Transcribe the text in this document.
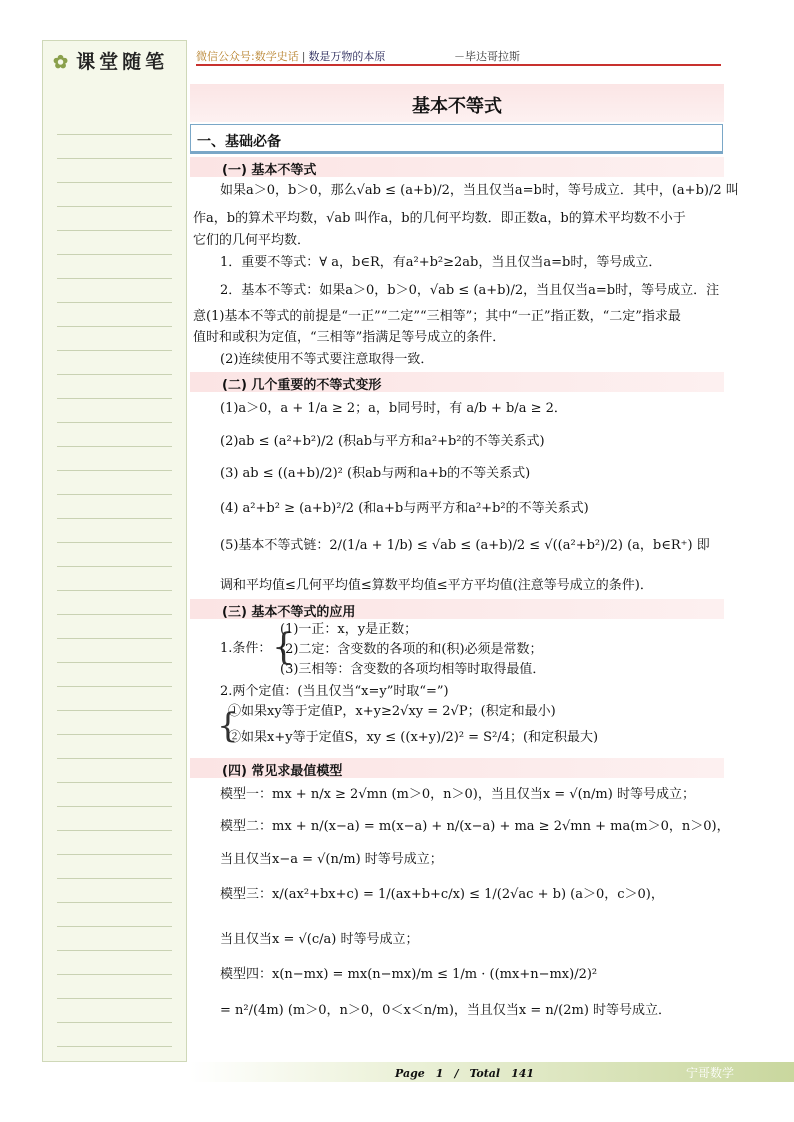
✿ 课堂随笔	微信公众号:数学史话 | 数是万物的本原	－毕达哥拉斯
基本不等式
一、基础必备
(一) 基本不等式
如果a＞0，b＞0，那么√ab ≤ (a+b)/2，当且仅当a=b时，等号成立．其中，(a+b)/2 叫
作a，b的算术平均数，√ab 叫作a，b的几何平均数．即正数a，b的算术平均数不小于
它们的几何平均数．
1．重要不等式：∀ a，b∈R，有a²+b²≥2ab，当且仅当a=b时，等号成立．
2．基本不等式：如果a＞0，b＞0，√ab ≤ (a+b)/2，当且仅当a=b时，等号成立．注
意(1)基本不等式的前提是“一正”“二定”“三相等”；其中“一正”指正数，“二定”指求最
值时和或积为定值，“三相等”指满足等号成立的条件．
(2)连续使用不等式要注意取得一致．
(二) 几个重要的不等式变形
(1)a＞0，a + 1/a ≥ 2；a，b同号时，有 a/b + b/a ≥ 2．
(2)ab ≤ (a²+b²)/2 (积ab与平方和a²+b²的不等关系式)
(3) ab ≤ ((a+b)/2)² (积ab与两和a+b的不等关系式)
(4) a²+b² ≥ (a+b)²/2 (和a+b与两平方和a²+b²的不等关系式)
(5)基本不等式链：2/(1/a + 1/b) ≤ √ab ≤ (a+b)/2 ≤ √((a²+b²)/2) (a，b∈R⁺) 即
调和平均值≤几何平均值≤算数平均值≤平方平均值(注意等号成立的条件)．
(三) 基本不等式的应用
1.条件： {
(1)一正：x，y是正数；
(2)二定：含变数的各项的和(积)必须是常数；
(3)三相等：含变数的各项均相等时取得最值．
2.两个定值：(当且仅当“x=y”时取“=”)
{
①如果xy等于定值P，x+y≥2√xy = 2√P；(积定和最小)
②如果x+y等于定值S，xy ≤ ((x+y)/2)² = S²/4；(和定积最大)
(四) 常见求最值模型
模型一：mx + n/x ≥ 2√mn (m＞0，n＞0)，当且仅当x = √(n/m) 时等号成立；
模型二：mx + n/(x−a) = m(x−a) + n/(x−a) + ma ≥ 2√mn + ma(m＞0，n＞0)，
当且仅当x−a = √(n/m) 时等号成立；
模型三：x/(ax²+bx+c) = 1/(ax+b+c/x) ≤ 1/(2√ac + b) (a＞0，c＞0)，
当且仅当x = √(c/a) 时等号成立；
模型四：x(n−mx) = mx(n−mx)/m ≤ 1/m · ((mx+n−mx)/2)²
= n²/(4m) (m＞0，n＞0，0＜x＜n/m)，当且仅当x = n/(2m) 时等号成立．
Page　1　/　Total　141	宁哥数学
